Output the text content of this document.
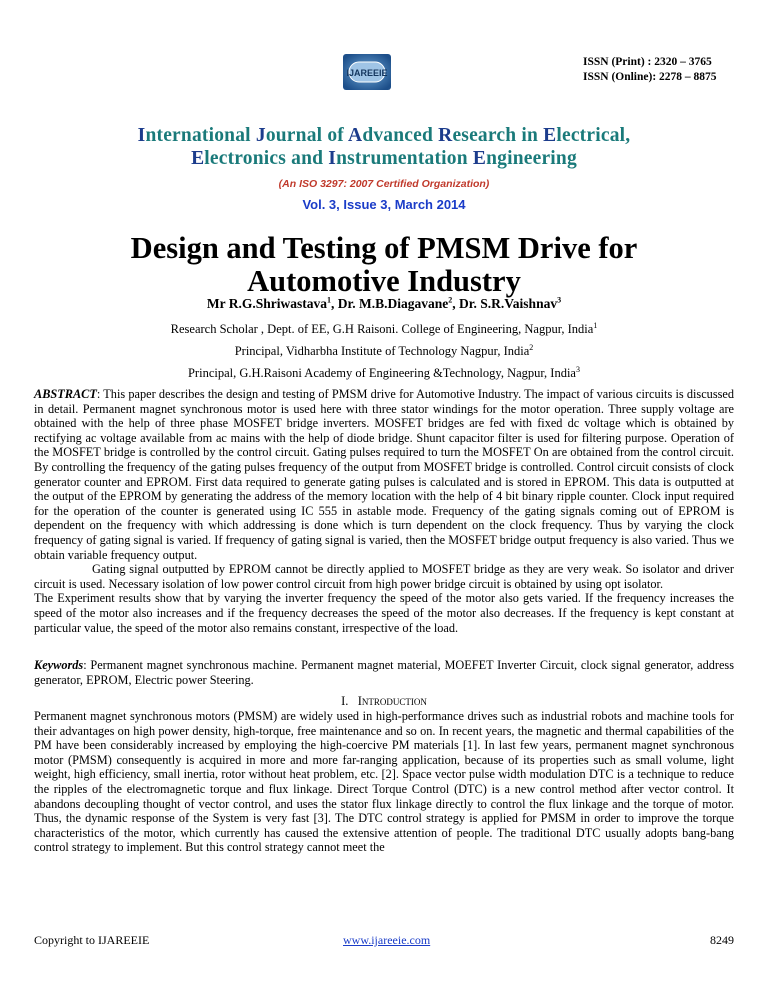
IJAREEIE
ISSN (Print) : 2320 – 3765
ISSN (Online): 2278 – 8875
International Journal of Advanced Research in Electrical,
Electronics and Instrumentation Engineering
(An ISO 3297: 2007 Certified Organization)
Vol. 3, Issue 3, March 2014
Design and Testing of PMSM Drive for
Automotive Industry
Mr R.G.Shriwastava$^1$, Dr. M.B.Diagavane$^2$, Dr. S.R.Vaishnav$^3$
Research Scholar , Dept. of EE, G.H Raisoni. College of Engineering, Nagpur, India$^1$
Principal, Vidharbha Institute of Technology Nagpur, India$^2$
Principal, G.H.Raisoni Academy of Engineering &Technology, Nagpur, India$^3$

ABSTRACT: This paper describes the design and testing of PMSM drive for Automotive Industry. The impact of various circuits is discussed in detail. Permanent magnet synchronous motor is used here with three stator windings for the motor operation. Three supply voltage are obtained with the help of three phase MOSFET bridge inverters. MOSFET bridges are fed with fixed dc voltage which is obtained by rectifying ac voltage available from ac mains with the help of diode bridge. Shunt capacitor filter is used for filtering purpose. Operation of the MOSFET bridge is controlled by the control circuit. Gating pulses required to turn the MOSFET On are obtained from the control circuit. By controlling the frequency of the gating pulses frequency of the output from MOSFET bridge is controlled. Control circuit consists of clock generator counter and EPROM. First data required to generate gating pulses is calculated and is stored in EPROM. This data is outputted at the output of the EPROM by generating the address of the memory location with the help of 4 bit binary ripple counter. Clock input required for the operation of the counter is generated using IC 555 in astable mode. Frequency of the gating signals coming out of EPROM is dependent on the frequency with which addressing is done which is turn dependent on the clock frequency. Thus by varying the clock frequency of gating signal is varied. If frequency of gating signal is varied, then the MOSFET bridge output frequency is also varied. Thus we obtain variable frequency output.

Gating signal outputted by EPROM cannot be directly applied to MOSFET bridge as they are very weak. So isolator and driver circuit is used. Necessary isolation of low power control circuit from high power bridge circuit is obtained by using opt isolator.

The Experiment results show that by varying the inverter frequency the speed of the motor also gets varied. If the frequency increases the speed of the motor also increases and if the frequency decreases the speed of the motor also decreases. If the frequency is kept constant at particular value, the speed of the motor also remains constant, irrespective of the load.

Keywords: Permanent magnet synchronous machine. Permanent magnet material, MOEFET Inverter Circuit, clock signal generator, address generator, EPROM, Electric power Steering.
I. Introduction
Permanent magnet synchronous motors (PMSM) are widely used in high-performance drives such as industrial robots and machine tools for their advantages on high power density, high-torque, free maintenance and so on. In recent years, the magnetic and thermal capabilities of the PM have been considerably increased by employing the high-coercive PM materials [1]. In last few years, permanent magnet synchronous motor (PMSM) consequently is acquired in more and more far-ranging application, because of its properties such as small volume, light weight, high efficiency, small inertia, rotor without heat problem, etc. [2]. Space vector pulse width modulation DTC is a technique to reduce the ripples of the electromagnetic torque and flux linkage. Direct Torque Control (DTC) is a new control method after vector control. It abandons decoupling thought of vector control, and uses the stator flux linkage directly to control the flux linkage and the torque of motor. Thus, the dynamic response of the System is very fast [3]. The DTC control strategy is applied for PMSM in order to improve the torque characteristics of the motor, which currently has caused the extensive attention of people. The traditional DTC usually adopts bang-bang control strategy to implement. But this control strategy cannot meet the
Copyright to IJAREEIE	www.ijareeie.com	8249
